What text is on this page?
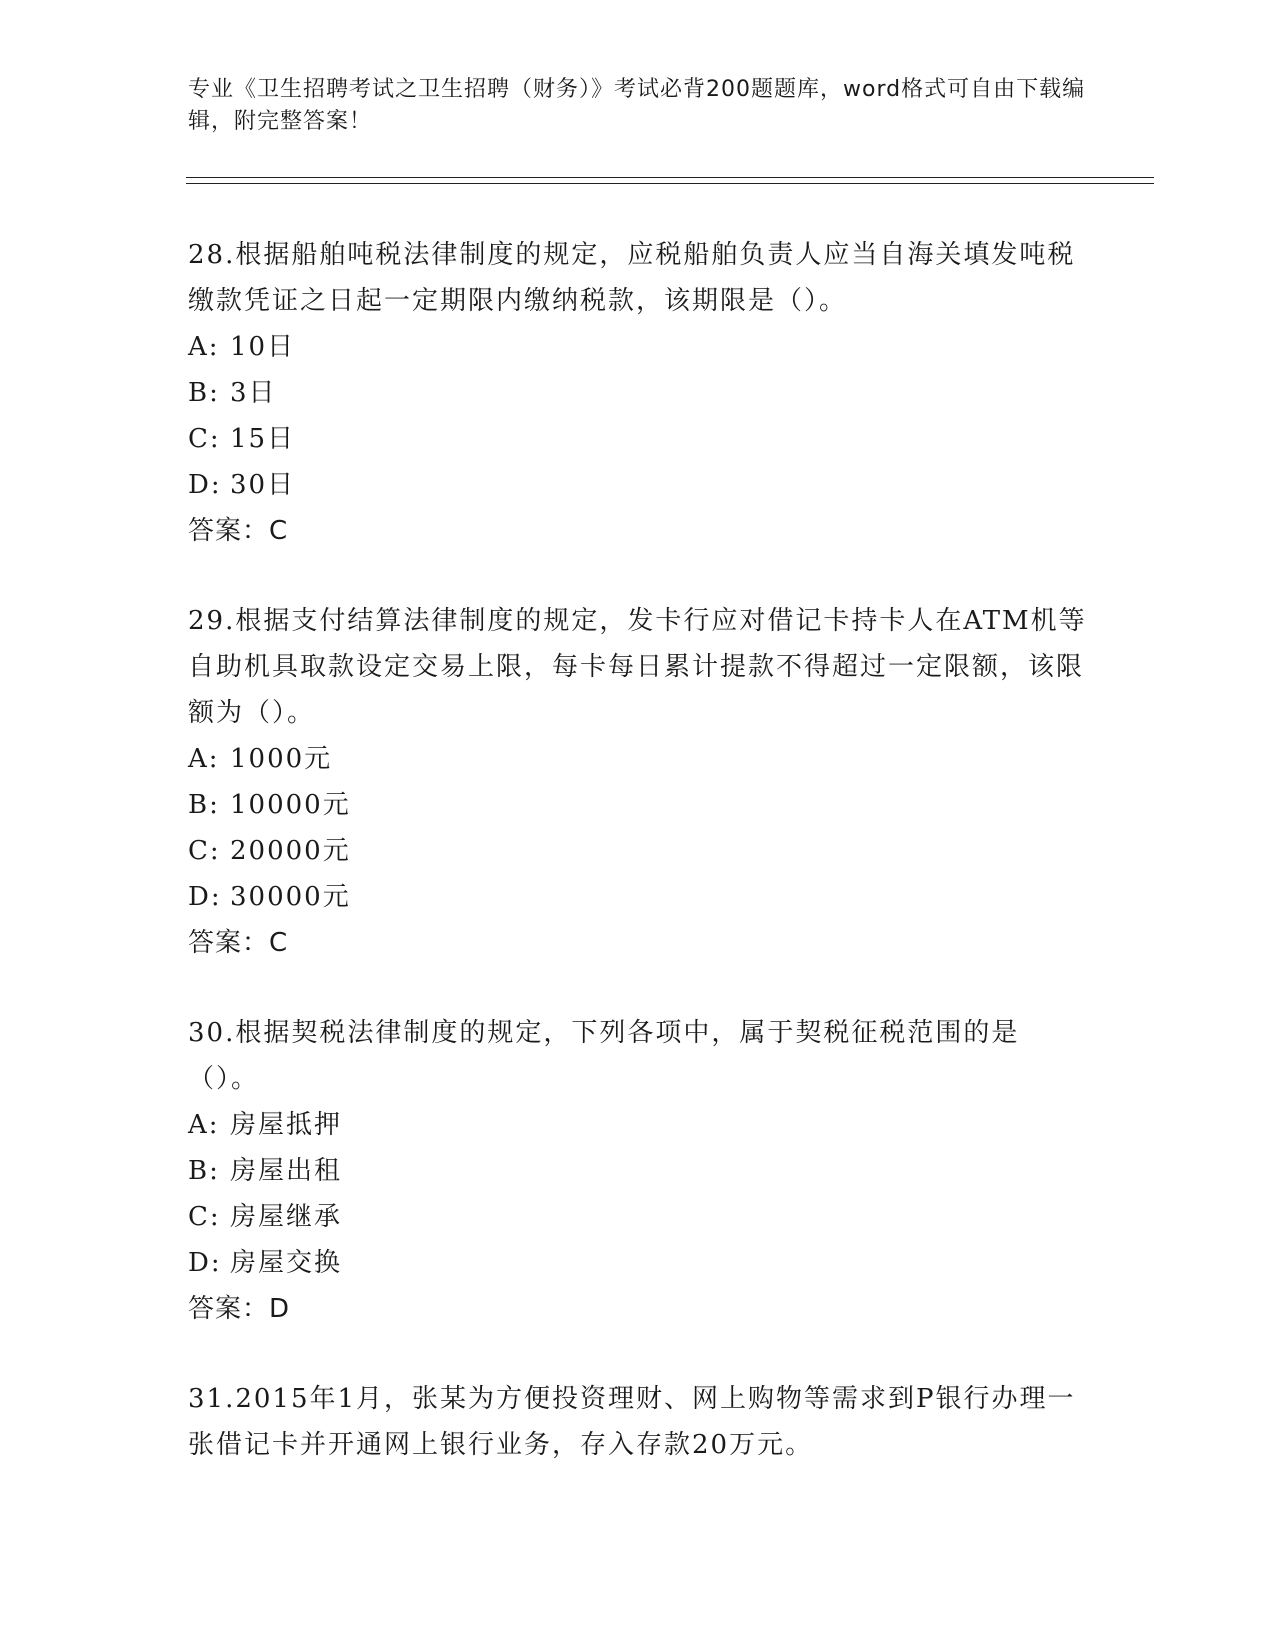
专业《卫生招聘考试之卫生招聘（财务）》考试必背200题题库，word格式可自由下载编辑，附完整答案！

28.根据船舶吨税法律制度的规定，应税船舶负责人应当自海关填发吨税缴款凭证之日起一定期限内缴纳税款，该期限是（）。

A: 10日
B: 3日
C: 15日
D: 30日
答案：C

29.根据支付结算法律制度的规定，发卡行应对借记卡持卡人在ATM机等自助机具取款设定交易上限，每卡每日累计提款不得超过一定限额，该限额为（）。

A: 1000元
B: 10000元
C: 20000元
D: 30000元
答案：C

30.根据契税法律制度的规定，下列各项中，属于契税征税范围的是（）。

A: 房屋抵押
B: 房屋出租
C: 房屋继承
D: 房屋交换
答案：D

31.2015年1月，张某为方便投资理财、网上购物等需求到P银行办理一张借记卡并开通网上银行业务，存入存款20万元。
